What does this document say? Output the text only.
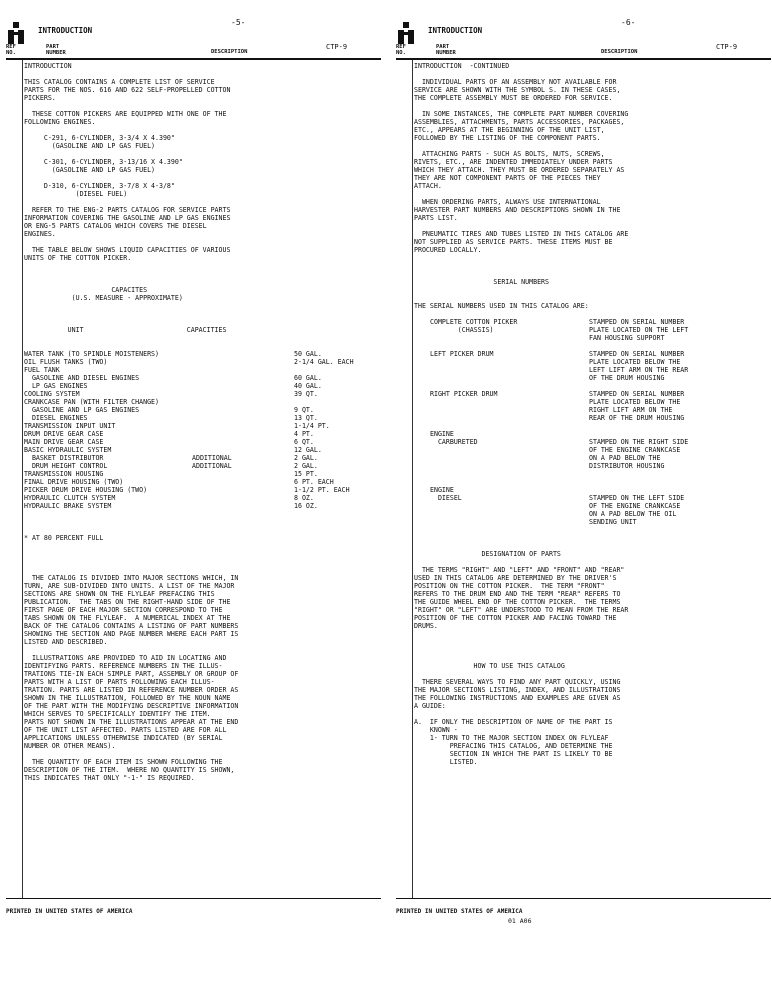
INTRODUCTION
-5-
REF
NO.
PART
NUMBER	DESCRIPTION
CTP-9
INTRODUCTION
THIS CATALOG CONTAINS A COMPLETE LIST OF SERVICE
PARTS FOR THE NOS. 616 AND 622 SELF-PROPELLED COTTON
PICKERS.
THESE COTTON PICKERS ARE EQUIPPED WITH ONE OF THE
FOLLOWING ENGINES.
C-291, 6-CYLINDER, 3-3/4 X 4.390"
(GASOLINE AND LP GAS FUEL)
C-301, 6-CYLINDER, 3-13/16 X 4.390"
(GASOLINE AND LP GAS FUEL)
D-310, 6-CYLINDER, 3-7/8 X 4-3/8"
(DIESEL FUEL)
REFER TO THE ENG-2 PARTS CATALOG FOR SERVICE PARTS
INFORMATION COVERING THE GASOLINE AND LP GAS ENGINES
OR ENG-5 PARTS CATALOG WHICH COVERS THE DIESEL
ENGINES.
THE TABLE BELOW SHOWS LIQUID CAPACITIES OF VARIOUS
UNITS OF THE COTTON PICKER.
CAPACITES
(U.S. MEASURE - APPROXIMATE)
UNIT                          CAPACITIES
WATER TANK (TO SPINDLE MOISTENERS)	50 GAL.
OIL FLUSH TANKS (TWO)	2-1/4 GAL. EACH
FUEL TANK
GASOLINE AND DIESEL ENGINES	60 GAL.
LP GAS ENGINES	40 GAL.
COOLING SYSTEM	39 QT.
CRANKCASE PAN (WITH FILTER CHANGE)
GASOLINE AND LP GAS ENGINES	9 QT.
DIESEL ENGINES	13 QT.
TRANSMISSION INPUT UNIT	1-1/4 PT.
DRUM DRIVE GEAR CASE	4 PT.
MAIN DRIVE GEAR CASE	6 QT.
BASIC HYDRAULIC SYSTEM	12 GAL.
BASKET DISTRIBUTOR	ADDITIONAL	2 GAL.
DRUM HEIGHT CONTROL	ADDITIONAL	2 GAL.
TRANSMISSION HOUSING	15 PT.
FINAL DRIVE HOUSING (TWO)	6 PT. EACH
PICKER DRUM DRIVE HOUSING (TWO)	1-1/2 PT. EACH
HYDRAULIC CLUTCH SYSTEM	8 OZ.
HYDRAULIC BRAKE SYSTEM	16 OZ.
* AT 80 PERCENT FULL
THE CATALOG IS DIVIDED INTO MAJOR SECTIONS WHICH, IN
TURN, ARE SUB-DIVIDED INTO UNITS. A LIST OF THE MAJOR
SECTIONS ARE SHOWN ON THE FLYLEAF PREFACING THIS
PUBLICATION.  THE TABS ON THE RIGHT-HAND SIDE OF THE
FIRST PAGE OF EACH MAJOR SECTION CORRESPOND TO THE
TABS SHOWN ON THE FLYLEAF.  A NUMERICAL INDEX AT THE
BACK OF THE CATALOG CONTAINS A LISTING OF PART NUMBERS
SHOWING THE SECTION AND PAGE NUMBER WHERE EACH PART IS
LISTED AND DESCRIBED.
ILLUSTRATIONS ARE PROVIDED TO AID IN LOCATING AND
IDENTIFYING PARTS. REFERENCE NUMBERS IN THE ILLUS-
TRATIONS TIE-IN EACH SIMPLE PART, ASSEMBLY OR GROUP OF
PARTS WITH A LIST OF PARTS FOLLOWING EACH ILLUS-
TRATION. PARTS ARE LISTED IN REFERENCE NUMBER ORDER AS
SHOWN IN THE ILLUSTRATION, FOLLOWED BY THE NOUN NAME
OF THE PART WITH THE MODIFYING DESCRIPTIVE INFORMATION
WHICH SERVES TO SPECIFICALLY IDENTIFY THE ITEM.
PARTS NOT SHOWN IN THE ILLUSTRATIONS APPEAR AT THE END
OF THE UNIT LIST AFFECTED. PARTS LISTED ARE FOR ALL
APPLICATIONS UNLESS OTHERWISE INDICATED (BY SERIAL
NUMBER OR OTHER MEANS).
THE QUANTITY OF EACH ITEM IS SHOWN FOLLOWING THE
DESCRIPTION OF THE ITEM.  WHERE NO QUANTITY IS SHOWN,
THIS INDICATES THAT ONLY "-1-" IS REQUIRED.
PRINTED IN UNITED STATES OF AMERICA
INTRODUCTION
-6-
REF
NO.
PART
NUMBER	DESCRIPTION
CTP-9
INTRODUCTION  -CONTINUED
INDIVIDUAL PARTS OF AN ASSEMBLY NOT AVAILABLE FOR
SERVICE ARE SHOWN WITH THE SYMBOL S. IN THESE CASES,
THE COMPLETE ASSEMBLY MUST BE ORDERED FOR SERVICE.
IN SOME INSTANCES, THE COMPLETE PART NUMBER COVERING
ASSEMBLIES, ATTACHMENTS, PARTS ACCESSORIES, PACKAGES,
ETC., APPEARS AT THE BEGINNING OF THE UNIT LIST,
FOLLOWED BY THE LISTING OF THE COMPONENT PARTS.
ATTACHING PARTS - SUCH AS BOLTS, NUTS, SCREWS,
RIVETS, ETC., ARE INDENTED IMMEDIATELY UNDER PARTS
WHICH THEY ATTACH. THEY MUST BE ORDERED SEPARATELY AS
THEY ARE NOT COMPONENT PARTS OF THE PIECES THEY
ATTACH.
WHEN ORDERING PARTS, ALWAYS USE INTERNATIONAL
HARVESTER PART NUMBERS AND DESCRIPTIONS SHOWN IN THE
PARTS LIST.
PNEUMATIC TIRES AND TUBES LISTED IN THIS CATALOG ARE
NOT SUPPLIED AS SERVICE PARTS. THESE ITEMS MUST BE
PROCURED LOCALLY.
SERIAL NUMBERS
THE SERIAL NUMBERS USED IN THIS CATALOG ARE:
COMPLETE COTTON PICKER	STAMPED ON SERIAL NUMBER
(CHASSIS)	PLATE LOCATED ON THE LEFT
FAN HOUSING SUPPORT
LEFT PICKER DRUM	STAMPED ON SERIAL NUMBER
PLATE LOCATED BELOW THE
LEFT LIFT ARM ON THE REAR
OF THE DRUM HOUSING
RIGHT PICKER DRUM	STAMPED ON SERIAL NUMBER
PLATE LOCATED BELOW THE
RIGHT LIFT ARM ON THE
REAR OF THE DRUM HOUSING
ENGINE
CARBURETED	STAMPED ON THE RIGHT SIDE
OF THE ENGINE CRANKCASE
ON A PAD BELOW THE
DISTRIBUTOR HOUSING
ENGINE
DIESEL	STAMPED ON THE LEFT SIDE
OF THE ENGINE CRANKCASE
ON A PAD BELOW THE OIL
SENDING UNIT
DESIGNATION OF PARTS
THE TERMS "RIGHT" AND "LEFT" AND "FRONT" AND "REAR"
USED IN THIS CATALOG ARE DETERMINED BY THE DRIVER'S
POSITION ON THE COTTON PICKER.  THE TERM "FRONT"
REFERS TO THE DRUM END AND THE TERM "REAR" REFERS TO
THE GUIDE WHEEL END OF THE COTTON PICKER.  THE TERMS
"RIGHT" OR "LEFT" ARE UNDERSTOOD TO MEAN FROM THE REAR
POSITION OF THE COTTON PICKER AND FACING TOWARD THE
DRUMS.
HOW TO USE THIS CATALOG
THERE SEVERAL WAYS TO FIND ANY PART QUICKLY, USING
THE MAJOR SECTIONS LISTING, INDEX, AND ILLUSTRATIONS
THE FOLLOWING INSTRUCTIONS AND EXAMPLES ARE GIVEN AS
A GUIDE:
A.  IF ONLY THE DESCRIPTION OF NAME OF THE PART IS
KNOWN -
1- TURN TO THE MAJOR SECTION INDEX ON FLYLEAF
PREFACING THIS CATALOG, AND DETERMINE THE
SECTION IN WHICH THE PART IS LIKELY TO BE
LISTED.
PRINTED IN UNITED STATES OF AMERICA
01 A06
